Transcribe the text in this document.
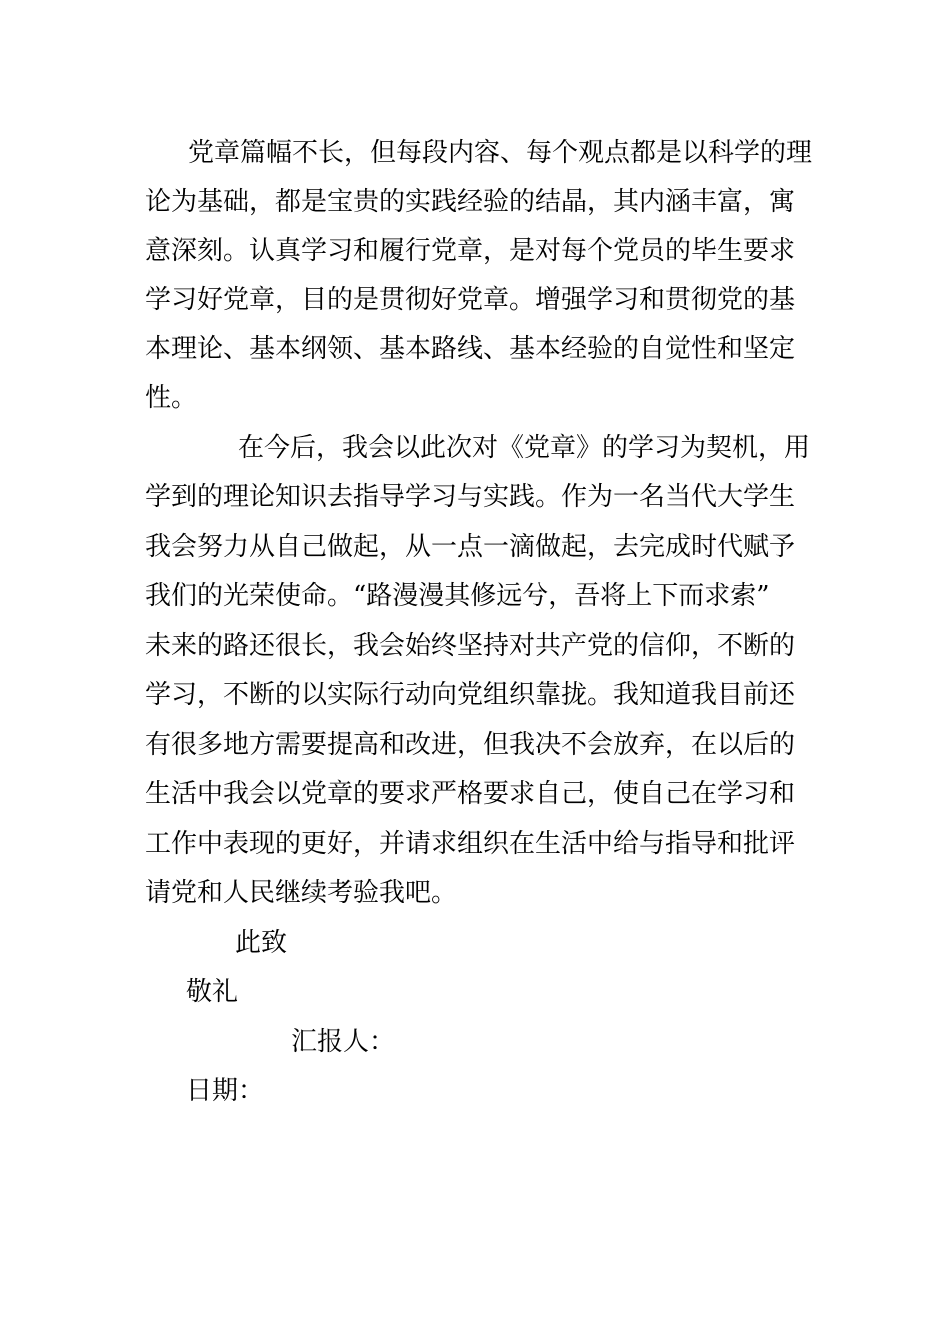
党章篇幅不长，但每段内容、每个观点都是以科学的理
论为基础，都是宝贵的实践经验的结晶，其内涵丰富，寓
意深刻。认真学习和履行党章，是对每个党员的毕生要求
学习好党章，目的是贯彻好党章。增强学习和贯彻党的基
本理论、基本纲领、基本路线、基本经验的自觉性和坚定
性。
在今后，我会以此次对《党章》的学习为契机，用
学到的理论知识去指导学习与实践。作为一名当代大学生
我会努力从自己做起，从一点一滴做起，去完成时代赋予
我们的光荣使命。“路漫漫其修远兮，吾将上下而求索”
未来的路还很长，我会始终坚持对共产党的信仰，不断的
学习，不断的以实际行动向党组织靠拢。我知道我目前还
有很多地方需要提高和改进，但我决不会放弃，在以后的
生活中我会以党章的要求严格要求自己，使自己在学习和
工作中表现的更好，并请求组织在生活中给与指导和批评
请党和人民继续考验我吧。
此致
敬礼
汇报人：
日期：
